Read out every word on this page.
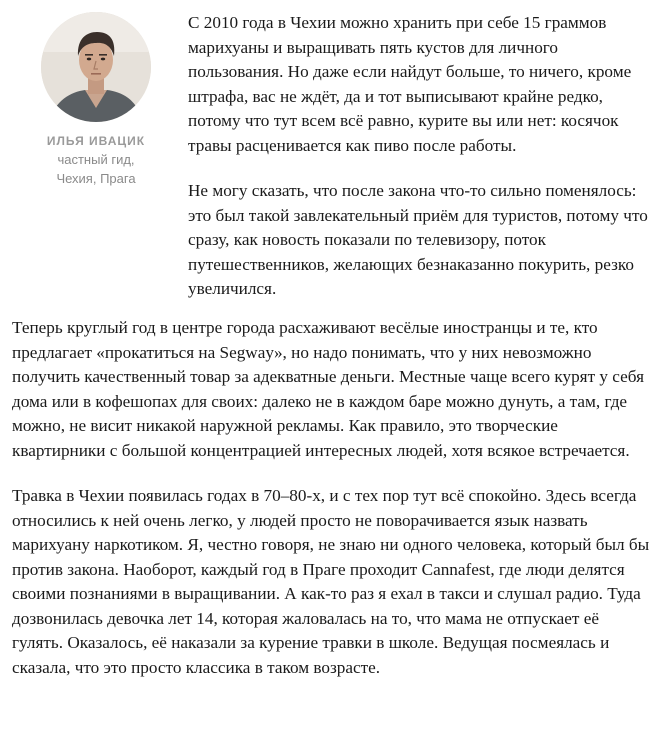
ИЛЬЯ ИВАЦИК
частный гид,
Чехия, Прага

С 2010 года в Чехии можно хранить при себе 15 граммов марихуаны и выращивать пять кустов для личного пользования. Но даже если найдут больше, то ничего, кроме штрафа, вас не ждёт, да и тот выписывают крайне редко, потому что тут всем всё равно, курите вы или нет: косячок травы расценивается как пиво после работы.

Не могу сказать, что после закона что-то сильно поменялось: это был такой завлекательный приём для туристов, потому что сразу, как новость показали по телевизору, поток путешественников, желающих безнаказанно покурить, резко увеличился.

Теперь круглый год в центре города расхаживают весёлые иностранцы и те, кто предлагает «прокатиться на Segway», но надо понимать, что у них невозможно получить качественный товар за адекватные деньги. Местные чаще всего курят у себя дома или в кофешопах для своих: далеко не в каждом баре можно дунуть, а там, где можно, не висит никакой наружной рекламы. Как правило, это творческие квартирники с большой концентрацией интересных людей, хотя всякое встречается.

Травка в Чехии появилась годах в 70–80-х, и с тех пор тут всё спокойно. Здесь всегда относились к ней очень легко, у людей просто не поворачивается язык назвать марихуану наркотиком. Я, честно говоря, не знаю ни одного человека, который был бы против закона. Наоборот, каждый год в Праге проходит Cannafest, где люди делятся своими познаниями в выращивании. А как-то раз я ехал в такси и слушал радио. Туда дозвонилась девочка лет 14, которая жаловалась на то, что мама не отпускает её гулять. Оказалось, её наказали за курение травки в школе. Ведущая посмеялась и сказала, что это просто классика в таком возрасте.
